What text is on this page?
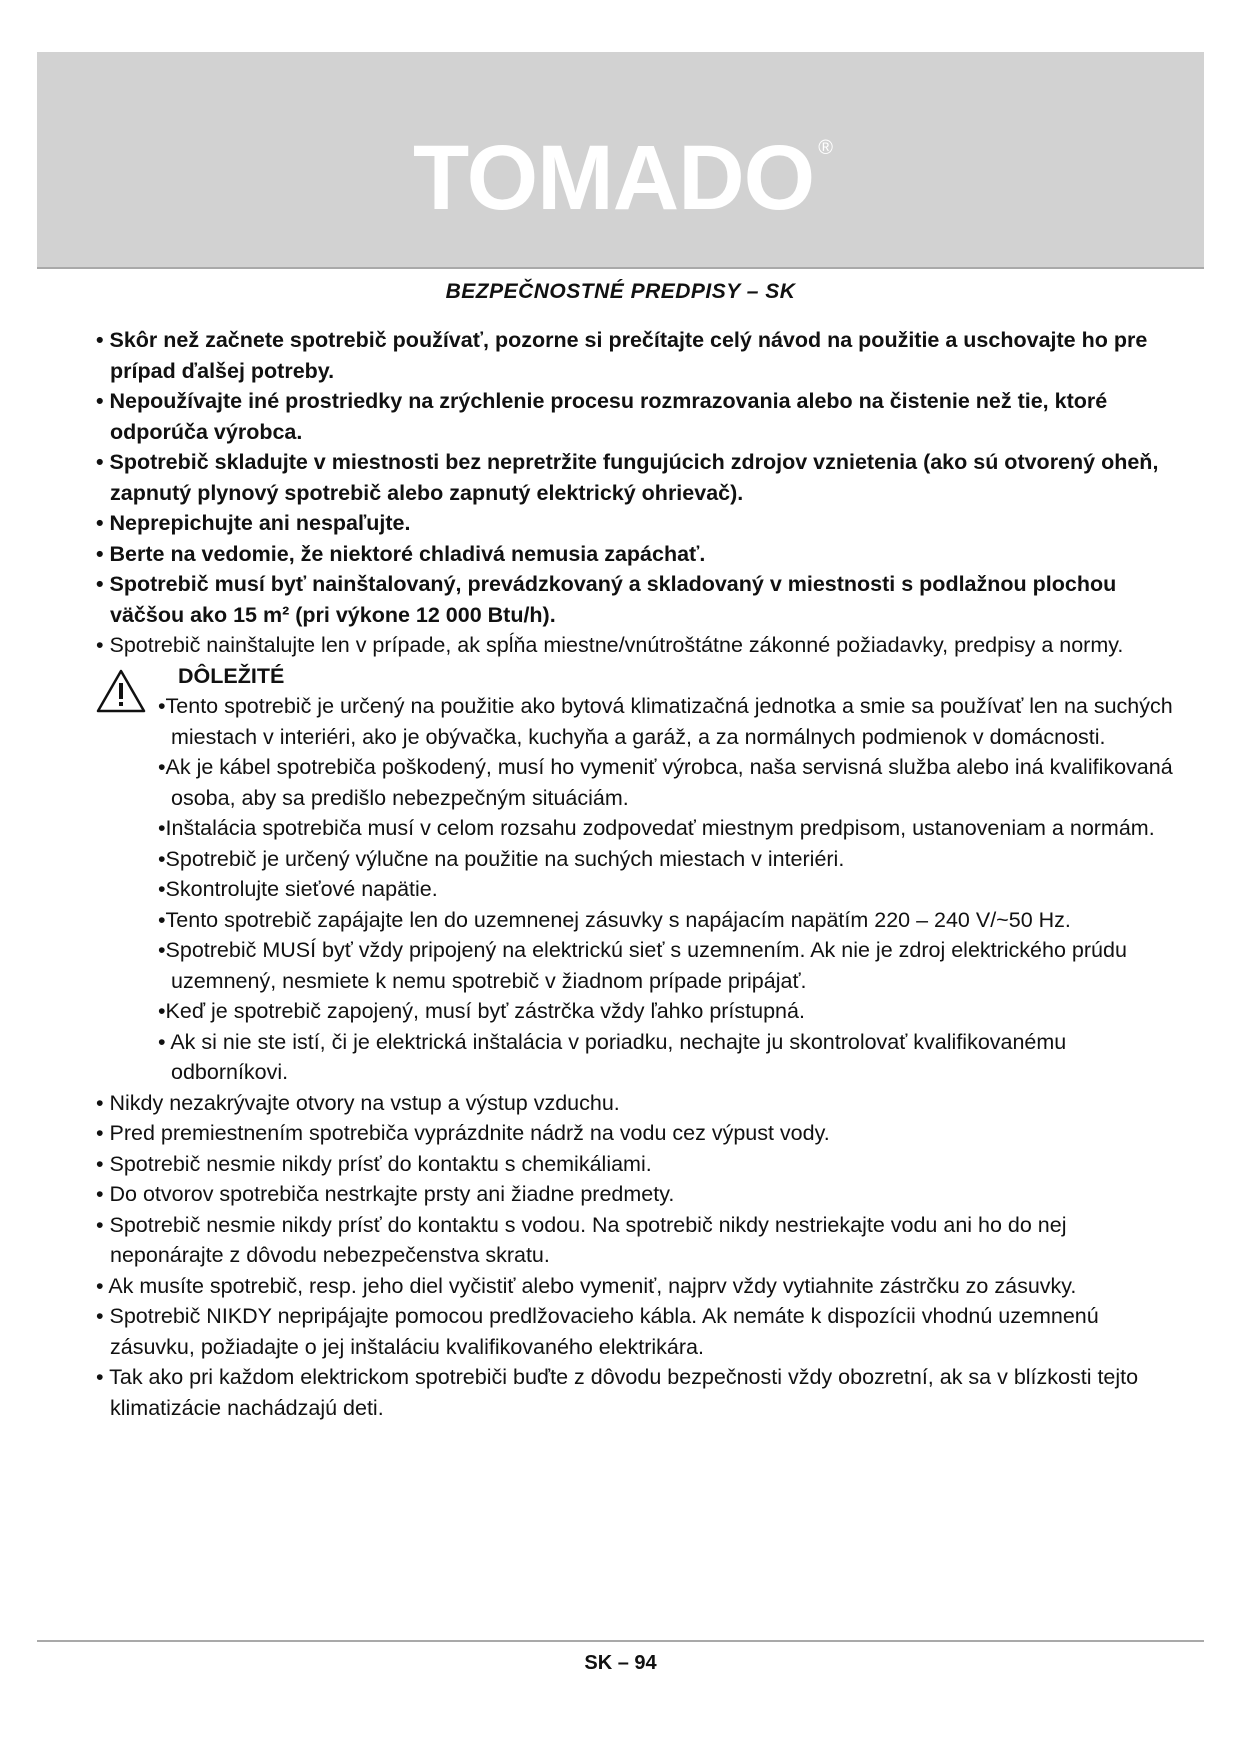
TOMADO ®
BEZPEČNOSTNÉ PREDPISY – SK

• Skôr než začnete spotrebič používať, pozorne si prečítajte celý návod na použitie a uschovajte ho pre prípad ďalšej potreby.

• Nepoužívajte iné prostriedky na zrýchlenie procesu rozmrazovania alebo na čistenie než tie, ktoré odporúča výrobca.

• Spotrebič skladujte v miestnosti bez nepretržite fungujúcich zdrojov vznietenia (ako sú otvorený oheň, zapnutý plynový spotrebič alebo zapnutý elektrický ohrievač).

• Neprepichujte ani nespaľujte.

• Berte na vedomie, že niektoré chladivá nemusia zapáchať.

• Spotrebič musí byť nainštalovaný, prevádzkovaný a skladovaný v miestnosti s podlažnou plochou väčšou ako 15 m² (pri výkone 12 000 Btu/h).

• Spotrebič nainštalujte len v prípade, ak spĺňa miestne/vnútroštátne zákonné požiadavky, predpisy a normy.

DÔLEŽITÉ

•Tento spotrebič je určený na použitie ako bytová klimatizačná jednotka a smie sa používať len na suchých miestach v interiéri, ako je obývačka, kuchyňa a garáž, a za normálnych podmienok v domácnosti.

•Ak je kábel spotrebiča poškodený, musí ho vymeniť výrobca, naša servisná služba alebo iná kvalifikovaná osoba, aby sa predišlo nebezpečným situáciám.

•Inštalácia spotrebiča musí v celom rozsahu zodpovedať miestnym predpisom, ustanoveniam a normám.

•Spotrebič je určený výlučne na použitie na suchých miestach v interiéri.

•Skontrolujte sieťové napätie.

•Tento spotrebič zapájajte len do uzemnenej zásuvky s napájacím napätím 220 – 240 V/~50 Hz.

•Spotrebič MUSÍ byť vždy pripojený na elektrickú sieť s uzemnením. Ak nie je zdroj elektrického prúdu uzemnený, nesmiete k nemu spotrebič v žiadnom prípade pripájať.

•Keď je spotrebič zapojený, musí byť zástrčka vždy ľahko prístupná.

• Ak si nie ste istí, či je elektrická inštalácia v poriadku, nechajte ju skontrolovať kvalifikovanému odborníkovi.

• Nikdy nezakrývajte otvory na vstup a výstup vzduchu.

• Pred premiestnením spotrebiča vyprázdnite nádrž na vodu cez výpust vody.

• Spotrebič nesmie nikdy prísť do kontaktu s chemikáliami.

• Do otvorov spotrebiča nestrkajte prsty ani žiadne predmety.

• Spotrebič nesmie nikdy prísť do kontaktu s vodou. Na spotrebič nikdy nestriekajte vodu ani ho do nej neponárajte z dôvodu nebezpečenstva skratu.

• Ak musíte spotrebič, resp. jeho diel vyčistiť alebo vymeniť, najprv vždy vytiahnite zástrčku zo zásuvky.

• Spotrebič NIKDY nepripájajte pomocou predlžovacieho kábla. Ak nemáte k dispozícii vhodnú uzemnenú zásuvku, požiadajte o jej inštaláciu kvalifikovaného elektrikára.

• Tak ako pri každom elektrickom spotrebiči buďte z dôvodu bezpečnosti vždy obozretní, ak sa v blízkosti tejto klimatizácie nachádzajú deti.

SK – 94
